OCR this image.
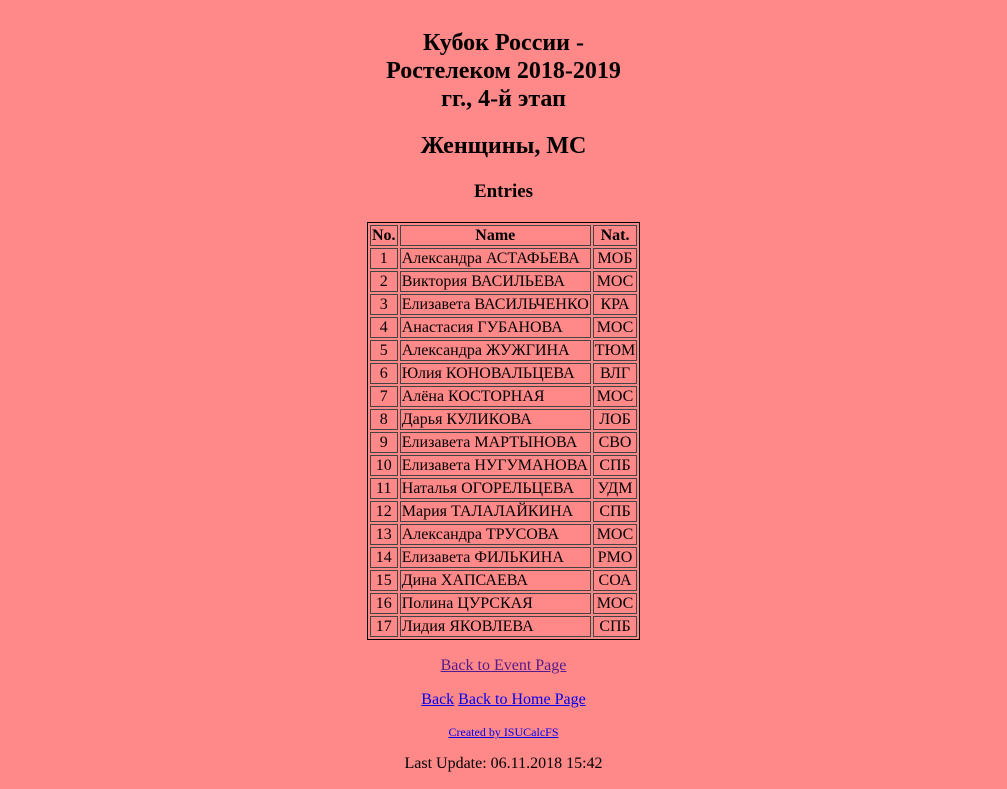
Кубок России - Ростелеком 2018-2019 гг., 4-й этап
Женщины, МС
Entries
No.	Name	Nat.
1	Александра АСТАФЬЕВА	МОБ
2	Виктория ВАСИЛЬЕВА	МОС
3	Елизавета ВАСИЛЬЧЕНКО	КРА
4	Анастасия ГУБАНОВА	МОС
5	Александра ЖУЖГИНА	ТЮМ
6	Юлия КОНОВАЛЬЦЕВА	ВЛГ
7	Алёна КОСТОРНАЯ	МОС
8	Дарья КУЛИКОВА	ЛОБ
9	Елизавета МАРТЫНОВА	СВО
10	Елизавета НУГУМАНОВА	СПБ
11	Наталья ОГОРЕЛЬЦЕВА	УДМ
12	Мария ТАЛАЛАЙКИНА	СПБ
13	Александра ТРУСОВА	МОС
14	Елизавета ФИЛЬКИНА	РМО
15	Дина ХАПСАЕВА	СОА
16	Полина ЦУРСКАЯ	МОС
17	Лидия ЯКОВЛЕВА	СПБ
Back to Event Page
Back Back to Home Page
Created by ISUCalcFS
Last Update: 06.11.2018 15:42
